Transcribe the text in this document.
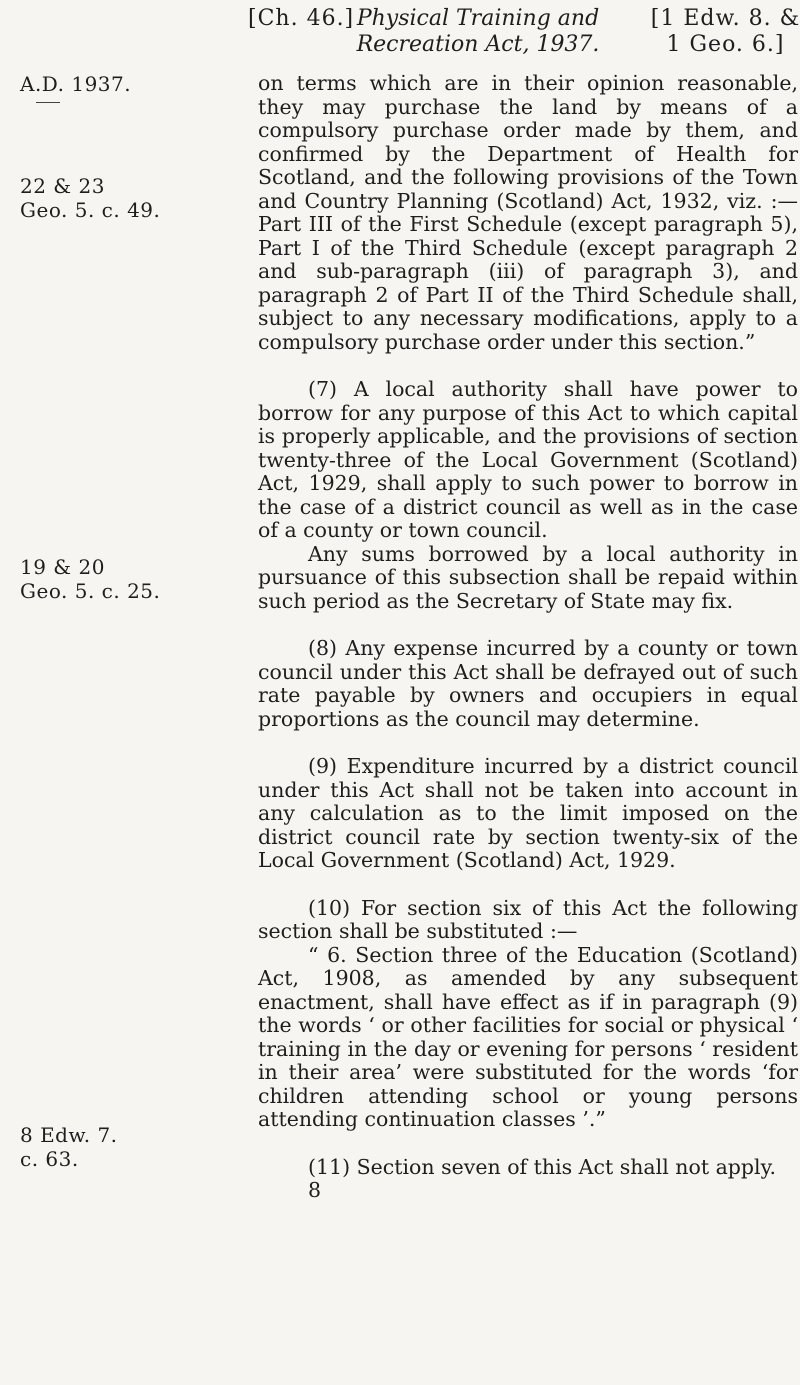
[Ch. 46.] Physical Training and
Recreation Act, 1937.
[1 Edw. 8. &
1 Geo. 6.]
A.D. 1937.
22 & 23
Geo. 5. c. 49.
19 & 20
Geo. 5. c. 25.
8 Edw. 7.
c. 63.

on terms which are in their opinion reasonable, they may purchase the land by means of a compulsory purchase order made by them, and confirmed by the Department of Health for Scotland, and the following provisions of the Town and Country Planning (Scotland) Act, 1932, viz. :— Part III of the First Schedule (except paragraph 5), Part I of the Third Schedule (except paragraph 2 and sub-paragraph (iii) of paragraph 3), and paragraph 2 of Part II of the Third Schedule shall, subject to any necessary modifications, apply to a compulsory purchase order under this section.”

(7) A local authority shall have power to borrow for any purpose of this Act to which capital is properly applicable, and the provisions of section twenty-three of the Local Government (Scotland) Act, 1929, shall apply to such power to borrow in the case of a district council as well as in the case of a county or town council.

Any sums borrowed by a local authority in pursuance of this subsection shall be repaid within such period as the Secretary of State may fix.

(8) Any expense incurred by a county or town council under this Act shall be defrayed out of such rate payable by owners and occupiers in equal proportions as the council may determine.

(9) Expenditure incurred by a district council under this Act shall not be taken into account in any calculation as to the limit imposed on the district council rate by section twenty-six of the Local Government (Scotland) Act, 1929.

(10) For section six of this Act the following section shall be substituted :—

“ 6. Section three of the Education (Scotland) Act, 1908, as amended by any subsequent enactment, shall have effect as if in paragraph (9) the words ‘ or other facilities for social or physical ‘ training in the day or evening for persons ‘ resident in their area’ were substituted for the words ‘for children attending school or young persons attending continuation classes ’.”

(11) Section seven of this Act shall not apply.

8
